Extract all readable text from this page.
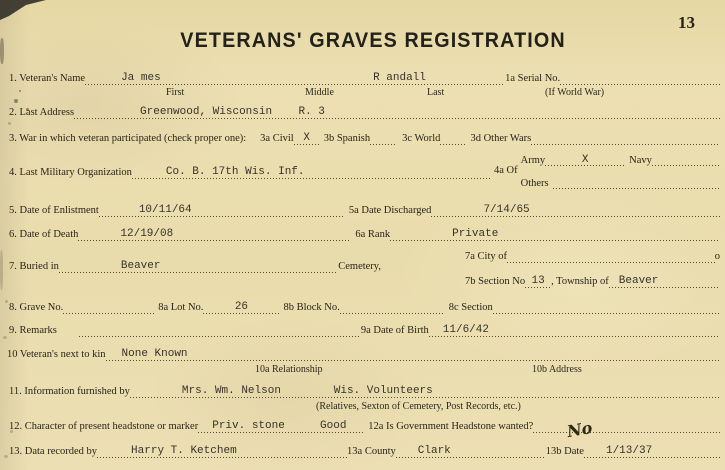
13
VETERANS' GRAVES REGISTRATION
1. Veteran's Name	Ja mes	R andall	1a Serial No.
First	Middle	Last	(If World War)
2. Last Address	Greenwood, Wisconsin    R. 3
3. War in which veteran participated (check proper one): 3a Civil X 3b Spanish	3c World	3d Other Wars
4. Last Military Organization	Co. B. 17th Wis. Inf.	4a Of
Army	X	Navy
Others
5. Date of Enlistment	10/11/64	5a Date Discharged	7/14/65
6. Date of Death	12/19/08	6a Rank	Private
7. Buried in	Beaver	Cemetery,
7a City of	o
7b Section No 13 , Township of Beaver
8. Grave No.	8a Lot No.	26	8b Block No.	8c Section
9. Remarks	9a Date of Birth 11/6/42
10 Veteran's next to kin None Known
10a Relationship	10b Address
11. Information furnished by	Mrs. Wm. Nelson        Wis. Volunteers
(Relatives, Sexton of Cemetery, Post Records, etc.)
12. Character of present headstone or marker Priv. stone	Good 12a Is Government Headstone wanted? No
13. Data recorded by	Harry T. Ketchem	13a County Clark	13b Date 1/13/37
